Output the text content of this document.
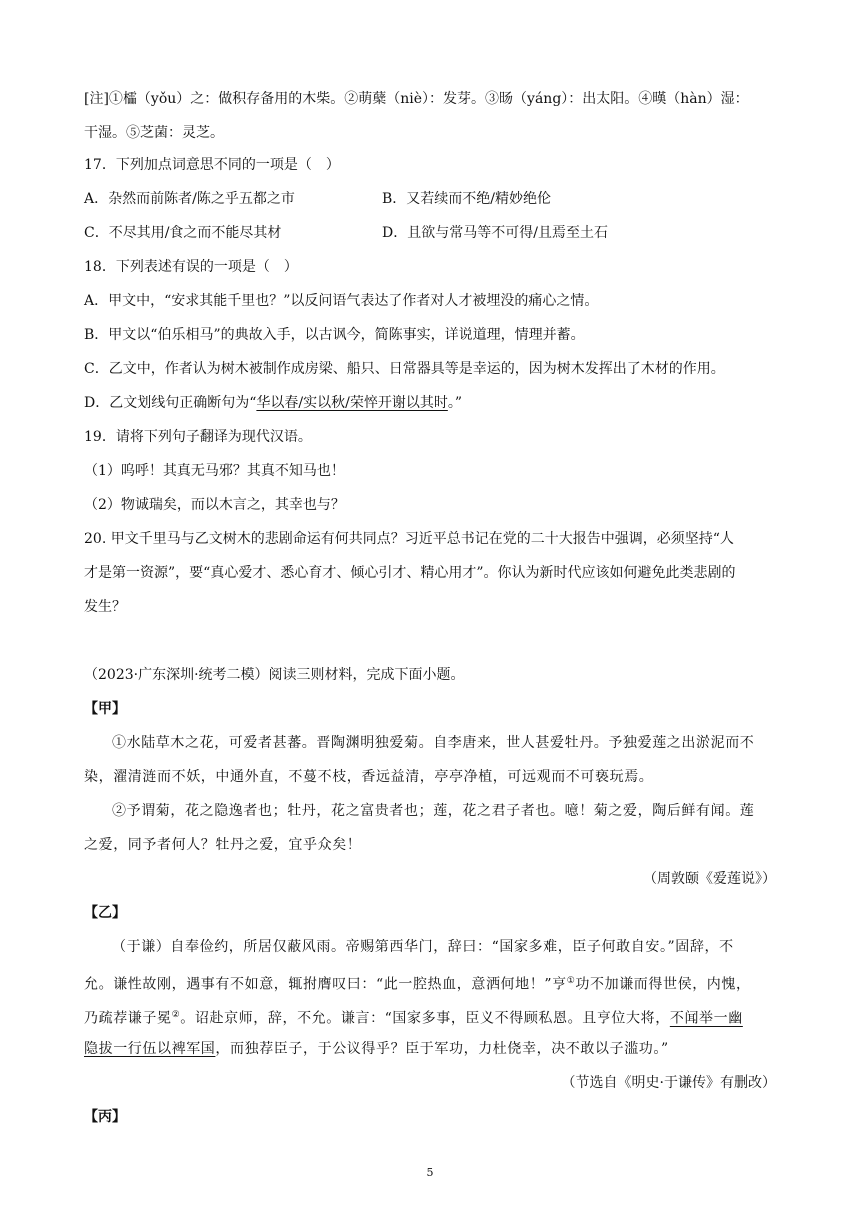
[注]①櫺（yǒu）之：做积存备用的木柴。②萌蘖（niè）：发芽。③旸（yáng）：出太阳。④暵（hàn）湿：
干湿。⑤芝菌：灵芝。
17．下列加点词意思不同的一项是（　）
A．杂然而前陈者/陈之乎五都之市	B．又若续而不绝/精妙绝伦
C．不尽其用/食之而不能尽其材	D．且欲与常马等不可得/且焉至土石
18．下列表述有误的一项是（　）
A．甲文中，“安求其能千里也？”以反问语气表达了作者对人才被埋没的痛心之情。
B．甲文以“伯乐相马”的典故入手，以古讽今，简陈事实，详说道理，情理并蓄。
C．乙文中，作者认为树木被制作成房梁、船只、日常器具等是幸运的，因为树木发挥出了木材的作用。
D．乙文划线句正确断句为“华以春/实以秋/荣悴开谢以其时。”
19．请将下列句子翻译为现代汉语。
（1）呜呼！其真无马邪？其真不知马也！
（2）物诚瑞矣，而以木言之，其幸也与？
20. 甲文千里马与乙文树木的悲剧命运有何共同点？习近平总书记在党的二十大报告中强调，必须坚持“人
才是第一资源”，要“真心爱才、悉心育才、倾心引才、精心用才”。你认为新时代应该如何避免此类悲剧的
发生？
（2023·广东深圳·统考二模）阅读三则材料，完成下面小题。
【甲】
①水陆草木之花，可爱者甚蕃。晋陶渊明独爱菊。自李唐来，世人甚爱牡丹。予独爱莲之出淤泥而不
染，濯清涟而不妖，中通外直，不蔓不枝，香远益清，亭亭净植，可远观而不可亵玩焉。
②予谓菊，花之隐逸者也；牡丹，花之富贵者也；莲，花之君子者也。噫！菊之爱，陶后鲜有闻。莲
之爱，同予者何人？牡丹之爱，宜乎众矣！
（周敦颐《爱莲说》）
【乙】
（于谦）自奉俭约，所居仅蔽风雨。帝赐第西华门，辞曰：“国家多难，臣子何敢自安。”固辞，不
允。谦性故刚，遇事有不如意，辄拊膺叹曰：“此一腔热血，意洒何地！”亨①功不加谦而得世侯，内愧，
乃疏荐谦子冕②。诏赴京师，辞，不允。谦言：“国家多事，臣义不得顾私恩。且亨位大将，不闻举一幽
隐拔一行伍以裨军国，而独荐臣子，于公议得乎？臣于军功，力杜侥幸，决不敢以子滥功。”
（节选自《明史·于谦传》有删改）
【丙】
5
